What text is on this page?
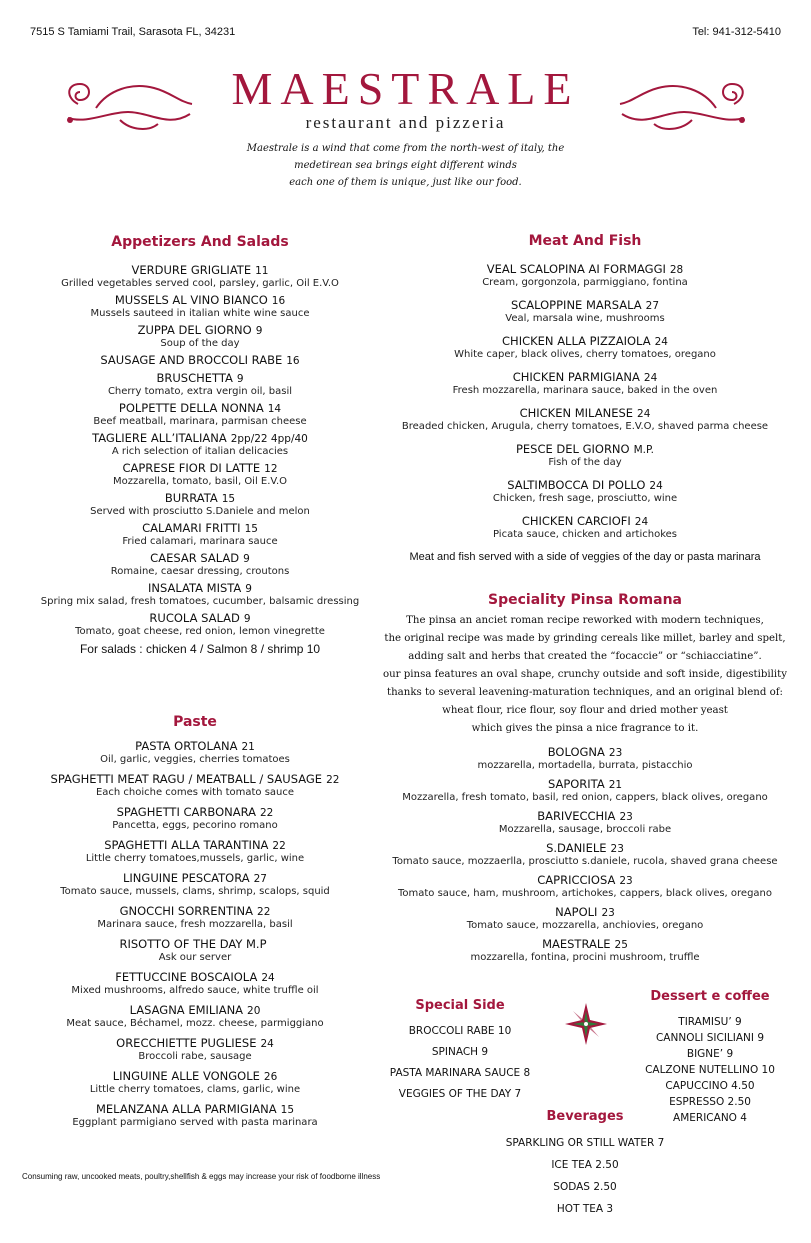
7515 S Tamiami Trail, Sarasota FL, 34231	Tel: 941-312-5410
MAESTRALE
restaurant and pizzeria
Maestrale is a wind that come from the north-west of italy, the
medetirean sea brings eight different winds
each one of them is unique, just like our food.
Appetizers And Salads
VERDURE GRIGLIATE 11
Grilled vegetables served cool, parsley, garlic, Oil E.V.O
MUSSELS AL VINO BIANCO 16
Mussels sauteed in italian white wine sauce
ZUPPA DEL GIORNO 9
Soup of the day
SAUSAGE AND BROCCOLI RABE 16
BRUSCHETTA 9
Cherry tomato, extra vergin oil, basil
POLPETTE DELLA NONNA 14
Beef meatball, marinara, parmisan cheese
TAGLIERE ALL’ITALIANA 2pp/22 4pp/40
A rich selection of italian delicacies
CAPRESE FIOR DI LATTE 12
Mozzarella, tomato, basil, Oil E.V.O
BURRATA 15
Served with prosciutto S.Daniele and melon
CALAMARI FRITTI 15
Fried calamari, marinara sauce
CAESAR SALAD 9
Romaine, caesar dressing, croutons
INSALATA MISTA 9
Spring mix salad, fresh tomatoes, cucumber, balsamic dressing
RUCOLA SALAD 9
Tomato, goat cheese, red onion, lemon vinegrette
For salads : chicken 4 / Salmon 8 / shrimp 10
Paste
PASTA ORTOLANA 21
Oil, garlic, veggies, cherries tomatoes
SPAGHETTI MEAT RAGU / MEATBALL / SAUSAGE 22
Each choiche comes with tomato sauce
SPAGHETTI CARBONARA 22
Pancetta, eggs, pecorino romano
SPAGHETTI ALLA TARANTINA 22
Little cherry tomatoes,mussels, garlic, wine
LINGUINE PESCATORA 27
Tomato sauce, mussels, clams, shrimp, scalops, squid
GNOCCHI SORRENTINA 22
Marinara sauce, fresh mozzarella, basil
RISOTTO OF THE DAY M.P
Ask our server
FETTUCCINE BOSCAIOLA 24
Mixed mushrooms, alfredo sauce, white truffle oil
LASAGNA EMILIANA 20
Meat sauce, Béchamel, mozz. cheese, parmiggiano
ORECCHIETTE PUGLIESE 24
Broccoli rabe, sausage
LINGUINE ALLE VONGOLE 26
Little cherry tomatoes, clams, garlic, wine
MELANZANA ALLA PARMIGIANA 15
Eggplant parmigiano served with pasta marinara
Meat And Fish
VEAL SCALOPINA AI FORMAGGI 28
Cream, gorgonzola, parmiggiano, fontina
SCALOPPINE MARSALA 27
Veal, marsala wine, mushrooms
CHICKEN ALLA PIZZAIOLA 24
White caper, black olives, cherry tomatoes, oregano
CHICKEN PARMIGIANA 24
Fresh mozzarella, marinara sauce, baked in the oven
CHICKEN MILANESE 24
Breaded chicken, Arugula, cherry tomatoes, E.V.O, shaved parma cheese
PESCE DEL GIORNO M.P.
Fish of the day
SALTIMBOCCA DI POLLO 24
Chicken, fresh sage, prosciutto, wine
CHICKEN CARCIOFI 24
Picata sauce, chicken and artichokes
Meat and fish served with a side of veggies of the day or pasta marinara
Speciality Pinsa Romana
The pinsa an anciet roman recipe reworked with modern techniques,
the original recipe was made by grinding cereals like millet, barley and spelt,
adding salt and herbs that created the “focaccie” or “schiacciatine”.
our pinsa features an oval shape, crunchy outside and soft inside, digestibility
thanks to several leavening-maturation techniques, and an original blend of:
wheat flour, rice flour, soy flour and dried mother yeast
which gives the pinsa a nice fragrance to it.
BOLOGNA 23
mozzarella, mortadella, burrata, pistacchio
SAPORITA 21
Mozzarella, fresh tomato, basil, red onion, cappers, black olives, oregano
BARIVECCHIA 23
Mozzarella, sausage, broccoli rabe
S.DANIELE 23
Tomato sauce, mozzaerlla, prosciutto s.daniele, rucola, shaved grana cheese
CAPRICCIOSA 23
Tomato sauce, ham, mushroom, artichokes, cappers, black olives, oregano
NAPOLI 23
Tomato sauce, mozzarella, anchiovies, oregano
MAESTRALE 25
mozzarella, fontina, procini mushroom, truffle
Special Side
BROCCOLI RABE 10
SPINACH 9
PASTA MARINARA SAUCE 8
VEGGIES OF THE DAY 7
Dessert e coffee
TIRAMISU’ 9
CANNOLI SICILIANI 9
BIGNE’ 9
CALZONE NUTELLINO 10
CAPUCCINO 4.50
ESPRESSO 2.50
AMERICANO 4
Beverages
SPARKLING OR STILL WATER 7
ICE TEA 2.50
SODAS 2.50
HOT TEA 3
Consuming raw, uncooked meats, poultry,shellfish & eggs may increase your risk of foodborne illness
